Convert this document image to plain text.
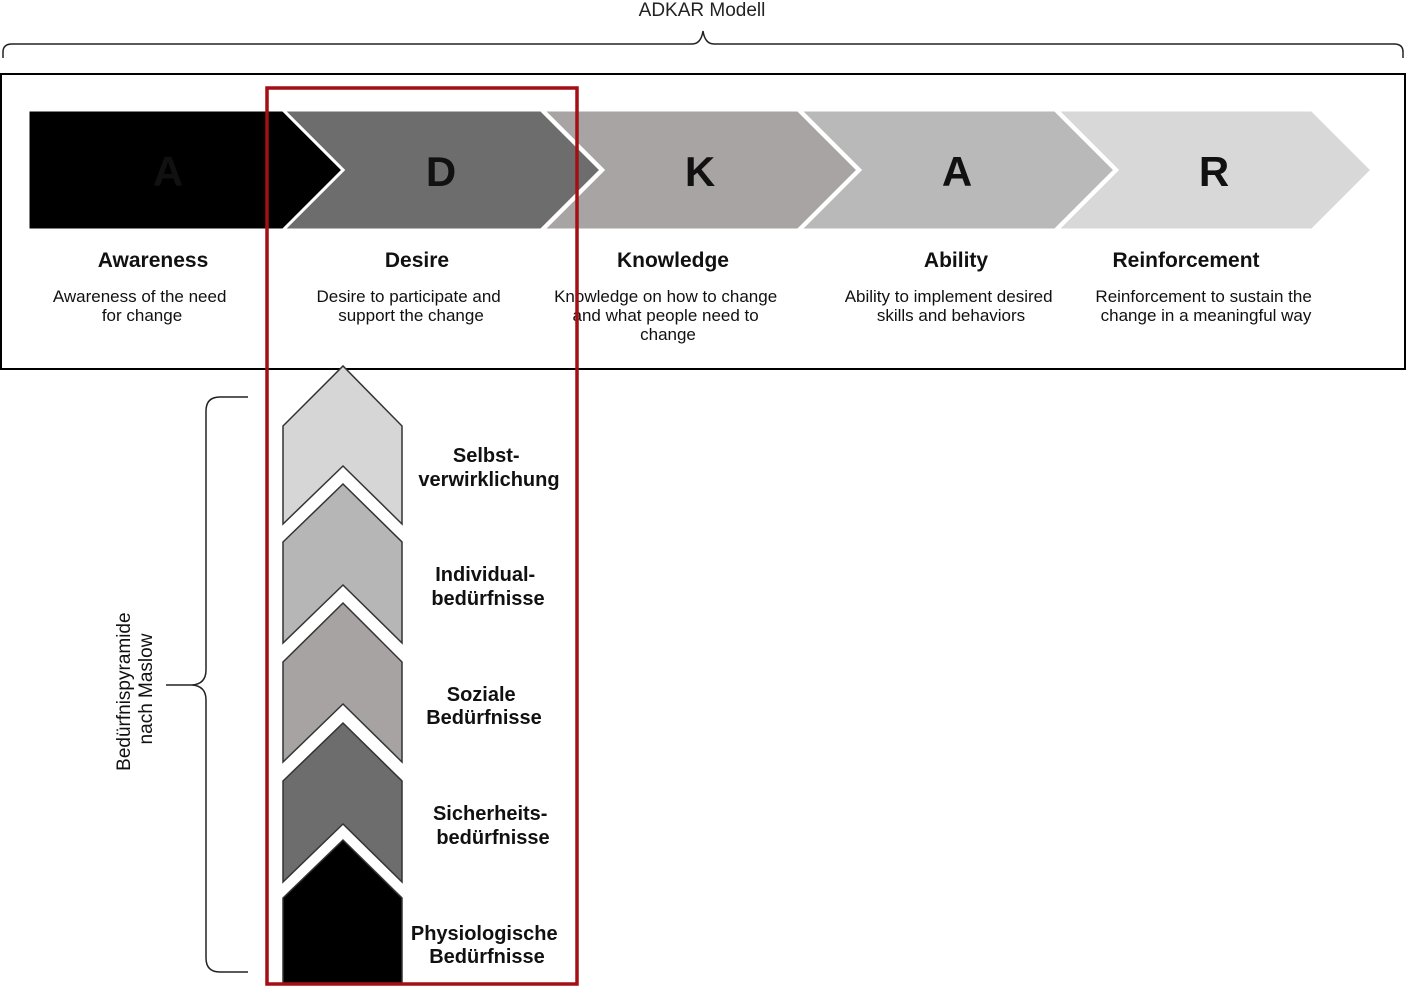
ADKAR Modell
A	D	K	A	R
Awareness	Desire	Knowledge	Ability	Reinforcement
Awareness of the need for change
Desire to participate and support the change
Knowledge on how to change and what people need to change
Ability to implement desired skills and behaviors
Reinforcement to sustain the change in a meaningful way
Selbst- verwirklichung
Individual- bedürfnisse
Soziale Bedürfnisse
Sicherheits- bedürfnisse
Physiologische Bedürfnisse
Bedürfnispyramide nach Maslow
